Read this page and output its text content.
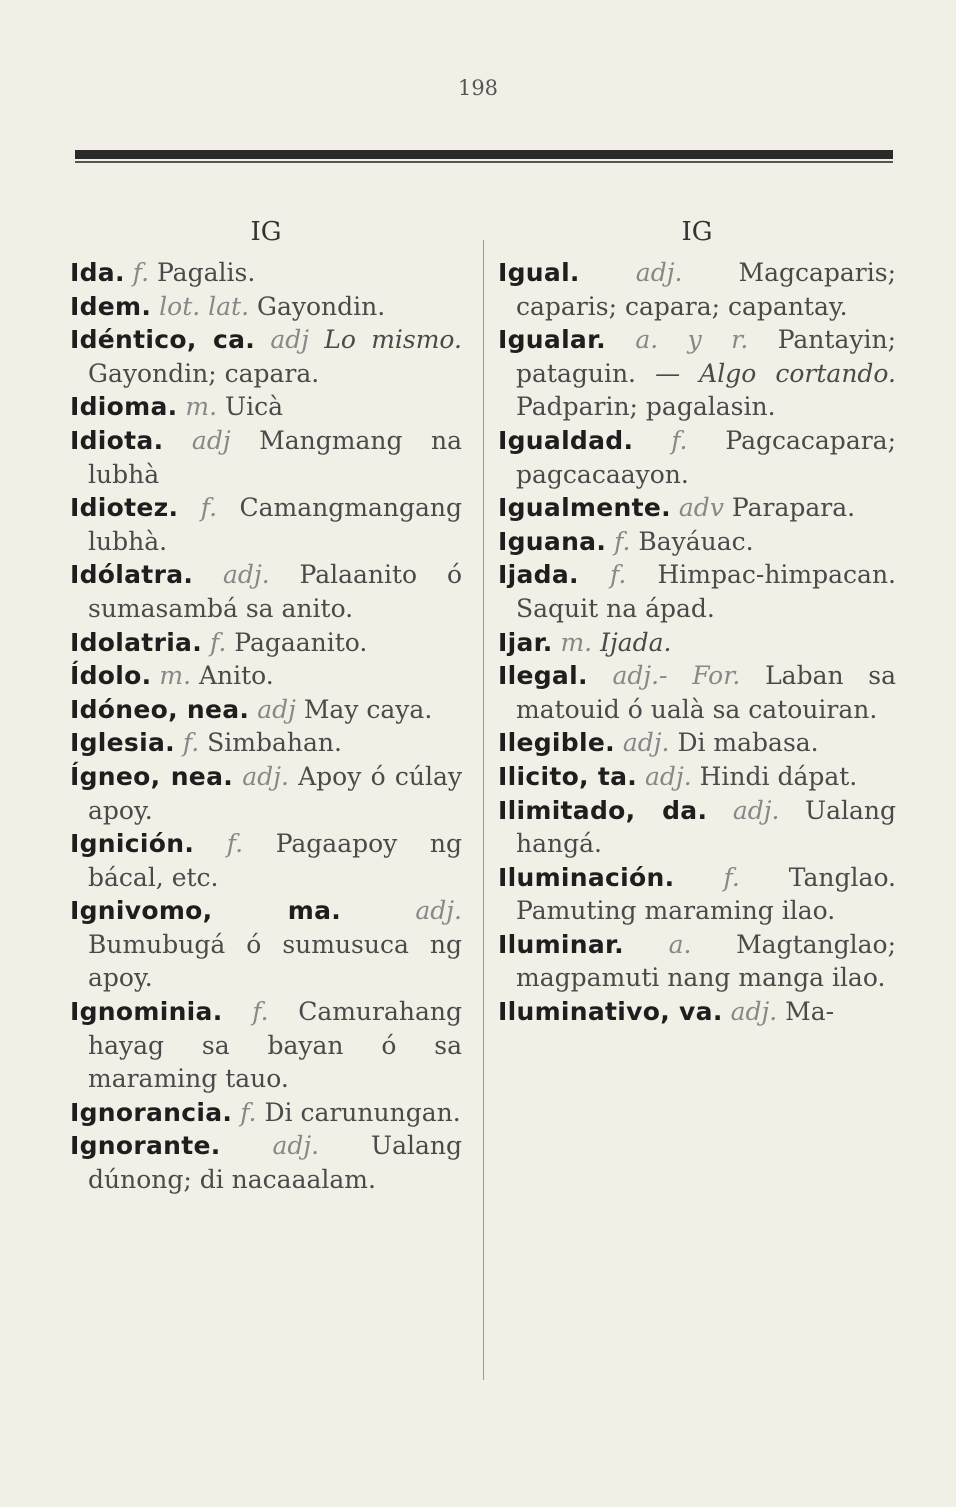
198
IG
Ida. f. Pagalis.
Idem. lot. lat. Gayondin.
Idéntico, ca. adj Lo mismo. Gayondin; capara.
Idioma. m. Uicà
Idiota. adj Mangmang na lubhà
Idiotez. f. Camangmangang lubhà.
Idólatra. adj. Palaanito ó sumasambá sa anito.
Idolatria. f. Pagaanito.
Ídolo. m. Anito.
Idóneo, nea. adj May caya.
Iglesia. f. Simbahan.
Ígneo, nea. adj. Apoy ó cúlay apoy.
Ignición. f. Pagaapoy ng bácal, etc.
Ignivomo, ma.	adj. Bumubugá ó sumusuca ng apoy.
Ignominia. f. Camurahang hayag sa bayan ó sa maraming tauo.
Ignorancia. f. Di carunungan.
Ignorante. adj. Ualang dúnong; di nacaaalam.
IG
Igual. adj. Magcaparis; caparis; capara; capantay.
Igualar. a. y r. Pantayin; pataguin. — Algo cortando. Padparin; pagalasin.
Igualdad. f. Pagcacapara; pagcacaayon.
Igualmente. adv Parapara.
Iguana. f. Bayáuac.
Ijada. f. Himpac-himpacan. Saquit na ápad.
Ijar. m. Ijada.
Ilegal. adj.- For. Laban sa matouid ó ualà sa catouiran.
Ilegible. adj. Di mabasa.
Ilicito, ta. adj. Hindi dápat.
Ilimitado, da. adj. Ualang hangá.
Iluminación. f. Tanglao. Pamuting maraming ilao.
Iluminar. a. Magtanglao; magpamuti nang manga ilao.
Iluminativo, va. adj. Ma-
